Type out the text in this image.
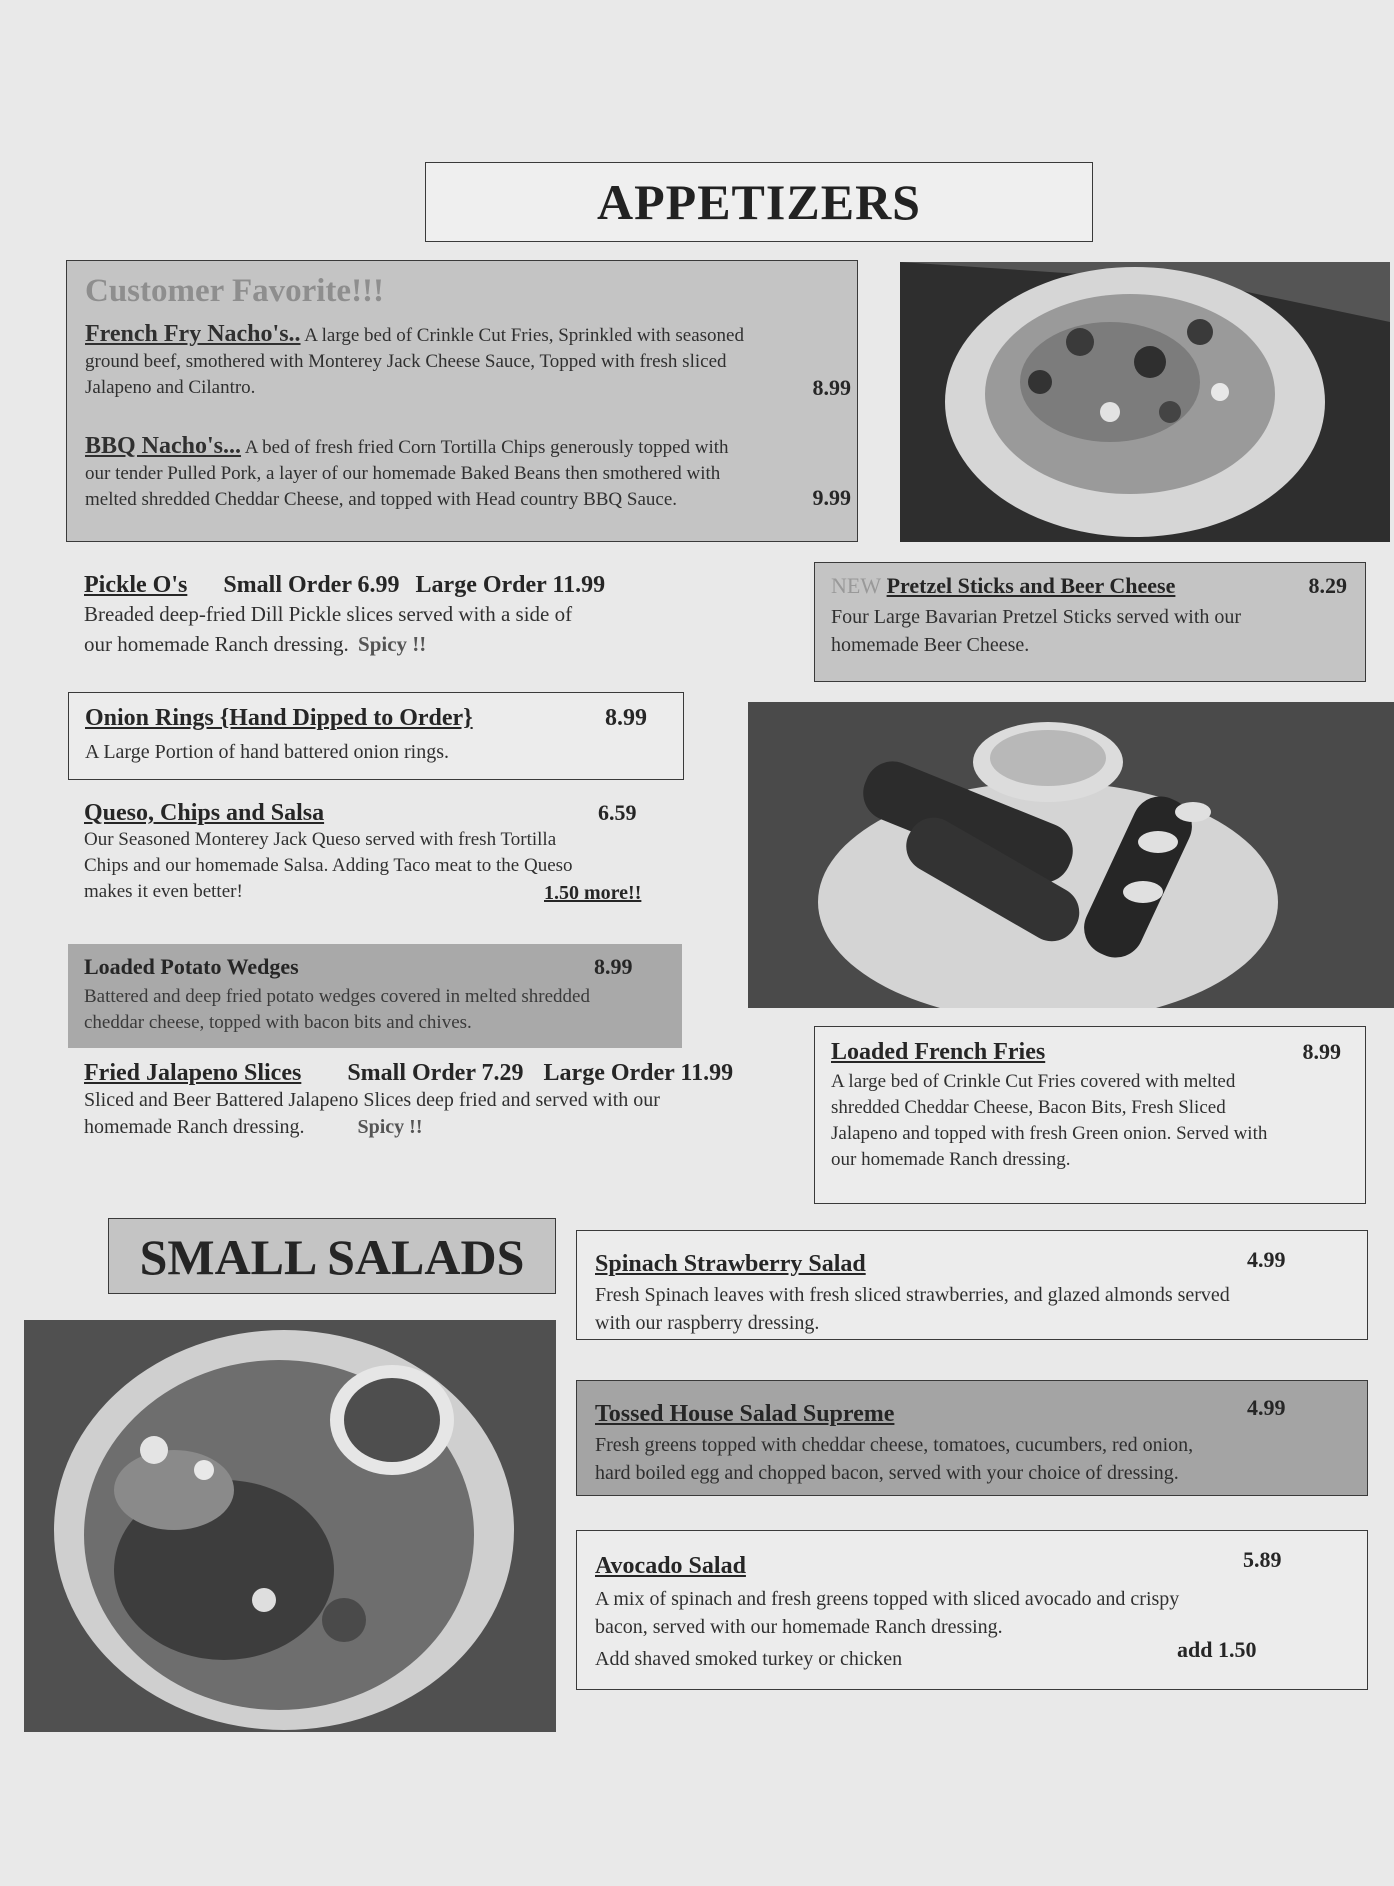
APPETIZERS
Customer Favorite!!!
French Fry Nacho's.. A large bed of Crinkle Cut Fries, Sprinkled with seasoned
ground beef, smothered with Monterey Jack Cheese Sauce, Topped with fresh sliced
Jalapeno and Cilantro.	8.99
BBQ Nacho's... A bed of fresh fried Corn Tortilla Chips generously topped with
our tender Pulled Pork, a layer of our homemade Baked Beans then smothered with
melted shredded Cheddar Cheese, and topped with Head country BBQ Sauce.	9.99
Pickle O's Small Order 6.99 Large Order 11.99
Breaded deep-fried Dill Pickle slices served with a side of
our homemade Ranch dressing. Spicy !!
NEW Pretzel Sticks and Beer Cheese	8.29
Four Large Bavarian Pretzel Sticks served with our
homemade Beer Cheese.
Onion Rings {Hand Dipped to Order}	8.99
A Large Portion of hand battered onion rings.
Queso, Chips and Salsa	6.59
Our Seasoned Monterey Jack Queso served with fresh Tortilla
Chips and our homemade Salsa. Adding Taco meat to the Queso
makes it even better!	1.50 more!!
Loaded Potato Wedges	8.99
Battered and deep fried potato wedges covered in melted shredded
cheddar cheese, topped with bacon bits and chives.
Fried Jalapeno Slices Small Order 7.29 Large Order 11.99
Sliced and Beer Battered Jalapeno Slices deep fried and served with our
homemade Ranch dressing.	Spicy !!
Loaded French Fries	8.99
A large bed of Crinkle Cut Fries covered with melted
shredded Cheddar Cheese, Bacon Bits, Fresh Sliced
Jalapeno and topped with fresh Green onion. Served with
our homemade Ranch dressing.
SMALL SALADS	Spinach Strawberry Salad	4.99
Fresh Spinach leaves with fresh sliced strawberries, and glazed almonds served
with our raspberry dressing.
Tossed House Salad Supreme	4.99
Fresh greens topped with cheddar cheese, tomatoes, cucumbers, red onion,
hard boiled egg and chopped bacon, served with your choice of dressing.
Avocado Salad	5.89
A mix of spinach and fresh greens topped with sliced avocado and crispy
bacon, served with our homemade Ranch dressing.
Add shaved smoked turkey or chicken	add 1.50
